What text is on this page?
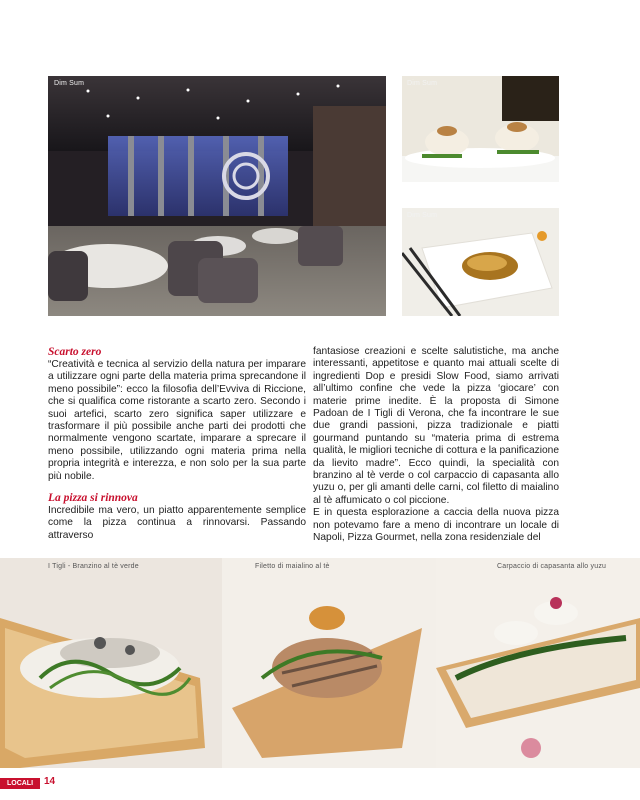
Dim Sum	Dim Sum
Dim Sum
Scarto zero

“Creatività e tecnica al servizio della natura per imparare a utilizzare ogni parte della materia prima sprecandone il meno possibile”: ecco la filosofia dell’Evviva di Riccione, che si qualifica come ristorante a scarto zero. Secondo i suoi artefici, scarto zero significa saper utilizzare e trasformare il più possibile anche parti dei prodotti che normalmente vengono scartate, imparare a sprecare il meno possibile, utilizzando ogni materia prima nella propria integrità e interezza, e non solo per la sua parte più nobile.

La pizza si rinnova

Incredibile ma vero, un piatto apparentemente semplice come la pizza continua a rinnovarsi. Passando attraverso

fantasiose creazioni e scelte salutistiche, ma anche interessanti, appetitose e quanto mai attuali scelte di ingredienti Dop e presidi Slow Food, siamo arrivati all’ultimo confine che vede la pizza ‘giocare’ con materie prime inedite. È la proposta di Simone Padoan de I Tigli di Verona, che fa incontrare le sue due grandi passioni, pizza tradizionale e piatti gourmand puntando su “materia prima di estrema qualità, le migliori tecniche di cottura e la panificazione da lievito madre”. Ecco quindi, la specialità con branzino al tè verde o col carpaccio di capasanta allo yuzu o, per gli amanti delle carni, col filetto di maialino al tè affumicato o col piccione.

E in questa esplorazione a caccia della nuova pizza non potevamo fare a meno di incontrare un locale di Napoli, Pizza Gourmet, nella zona residenziale del

I Tigli - Branzino al tè verde	Filetto di maialino al tè	Carpaccio di capasanta allo yuzu
LOCALI TOP
14
